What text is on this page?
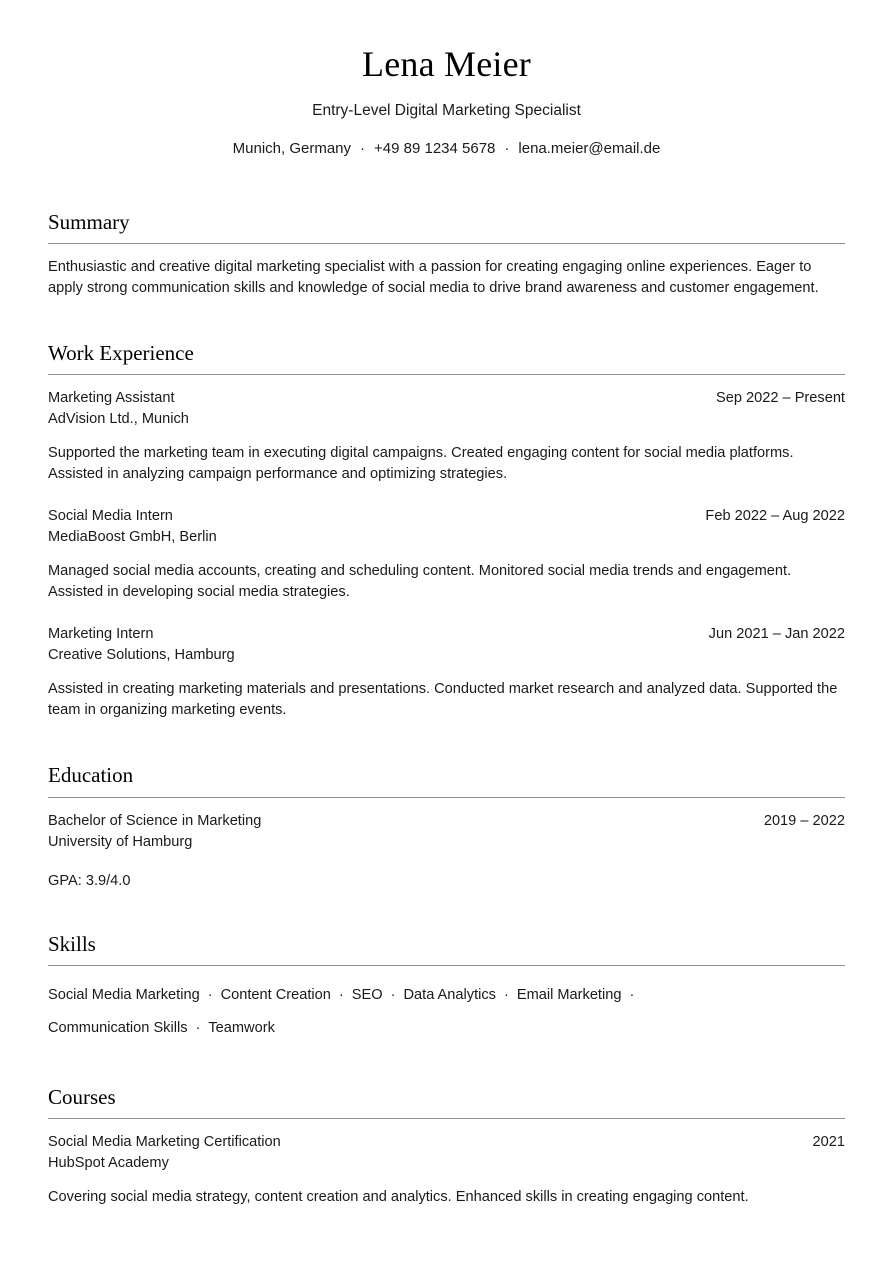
Lena Meier
Entry-Level Digital Marketing Specialist
Munich, Germany · +49 89 1234 5678 · lena.meier@email.de
Summary

Enthusiastic and creative digital marketing specialist with a passion for creating engaging online experiences. Eager to apply strong communication skills and knowledge of social media to drive brand awareness and customer engagement.

Work Experience
Marketing Assistant	Sep 2022 – Present
AdVision Ltd., Munich
Supported the marketing team in executing digital campaigns. Created engaging content for social media platforms. Assisted in analyzing campaign performance and optimizing strategies.
Social Media Intern	Feb 2022 – Aug 2022
MediaBoost GmbH, Berlin
Managed social media accounts, creating and scheduling content. Monitored social media trends and engagement. Assisted in developing social media strategies.
Marketing Intern	Jun 2021 – Jan 2022
Creative Solutions, Hamburg
Assisted in creating marketing materials and presentations. Conducted market research and analyzed data. Supported the team in organizing marketing events.
Education
Bachelor of Science in Marketing	2019 – 2022
University of Hamburg
GPA: 3.9/4.0
Skills
Social Media Marketing · Content Creation · SEO · Data Analytics · Email Marketing ·
Communication Skills · Teamwork
Courses
Social Media Marketing Certification	2021
HubSpot Academy
Covering social media strategy, content creation and analytics. Enhanced skills in creating engaging content.
